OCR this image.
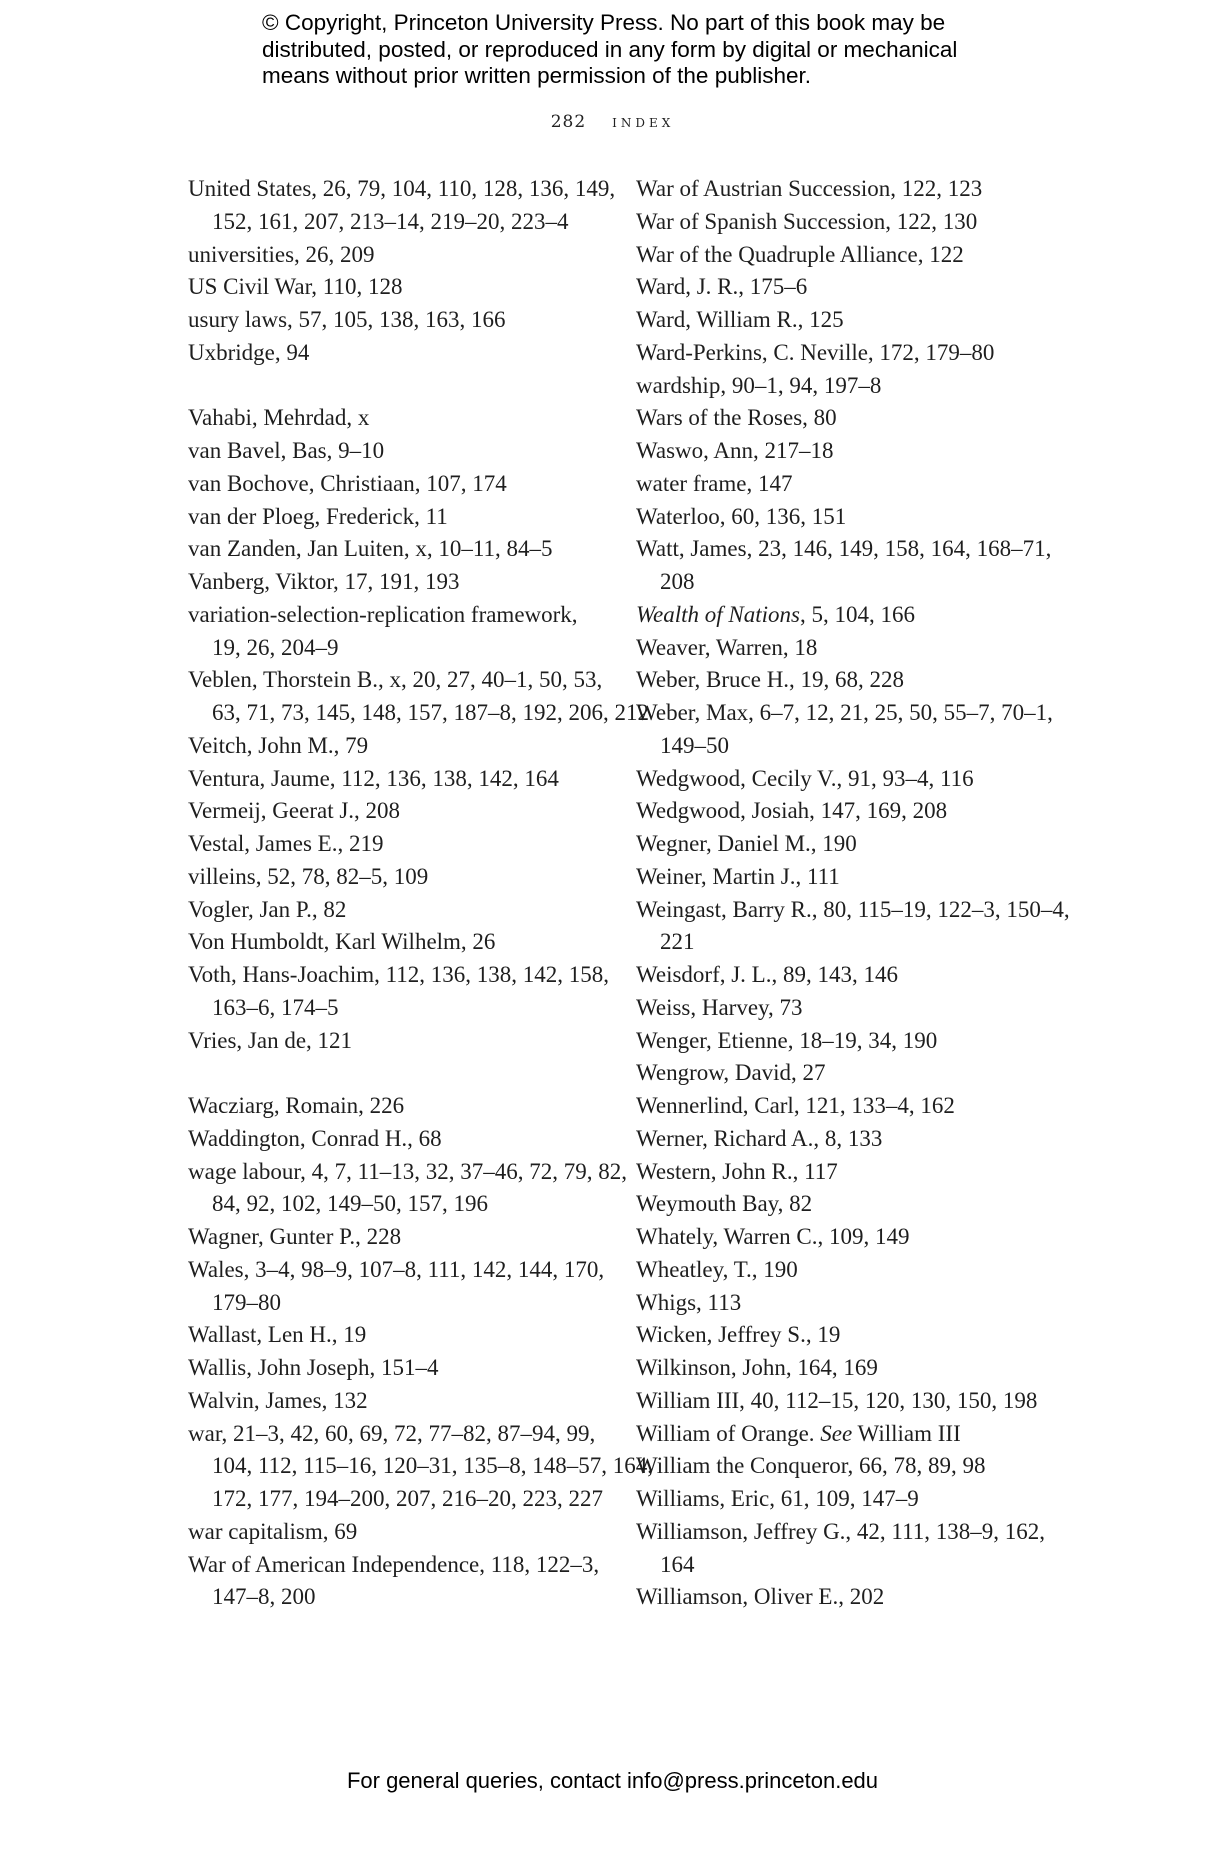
© Copyright, Princeton University Press. No part of this book may be
distributed, posted, or reproduced in any form by digital or mechanical
means without prior written permission of the publisher.
282 index
United States, 26, 79, 104, 110, 128, 136, 149,
152, 161, 207, 213–14, 219–20, 223–4
universities, 26, 209
US Civil War, 110, 128
usury laws, 57, 105, 138, 163, 166
Uxbridge, 94
Vahabi, Mehrdad, x
van Bavel, Bas, 9–10
van Bochove, Christiaan, 107, 174
van der Ploeg, Frederick, 11
van Zanden, Jan Luiten, x, 10–11, 84–5
Vanberg, Viktor, 17, 191, 193
variation-selection-replication framework,
19, 26, 204–9
Veblen, Thorstein B., x, 20, 27, 40–1, 50, 53,
63, 71, 73, 145, 148, 157, 187–8, 192, 206, 212
Veitch, John M., 79
Ventura, Jaume, 112, 136, 138, 142, 164
Vermeij, Geerat J., 208
Vestal, James E., 219
villeins, 52, 78, 82–5, 109
Vogler, Jan P., 82
Von Humboldt, Karl Wilhelm, 26
Voth, Hans-Joachim, 112, 136, 138, 142, 158,
163–6, 174–5
Vries, Jan de, 121
Wacziarg, Romain, 226
Waddington, Conrad H., 68
wage labour, 4, 7, 11–13, 32, 37–46, 72, 79, 82,
84, 92, 102, 149–50, 157, 196
Wagner, Gunter P., 228
Wales, 3–4, 98–9, 107–8, 111, 142, 144, 170,
179–80
Wallast, Len H., 19
Wallis, John Joseph, 151–4
Walvin, James, 132
war, 21–3, 42, 60, 69, 72, 77–82, 87–94, 99,
104, 112, 115–16, 120–31, 135–8, 148–57, 164,
172, 177, 194–200, 207, 216–20, 223, 227
war capitalism, 69
War of American Independence, 118, 122–3,
147–8, 200
War of Austrian Succession, 122, 123
War of Spanish Succession, 122, 130
War of the Quadruple Alliance, 122
Ward, J. R., 175–6
Ward, William R., 125
Ward-Perkins, C. Neville, 172, 179–80
wardship, 90–1, 94, 197–8
Wars of the Roses, 80
Waswo, Ann, 217–18
water frame, 147
Waterloo, 60, 136, 151
Watt, James, 23, 146, 149, 158, 164, 168–71,
208
Wealth of Nations, 5, 104, 166
Weaver, Warren, 18
Weber, Bruce H., 19, 68, 228
Weber, Max, 6–7, 12, 21, 25, 50, 55–7, 70–1,
149–50
Wedgwood, Cecily V., 91, 93–4, 116
Wedgwood, Josiah, 147, 169, 208
Wegner, Daniel M., 190
Weiner, Martin J., 111
Weingast, Barry R., 80, 115–19, 122–3, 150–4,
221
Weisdorf, J. L., 89, 143, 146
Weiss, Harvey, 73
Wenger, Etienne, 18–19, 34, 190
Wengrow, David, 27
Wennerlind, Carl, 121, 133–4, 162
Werner, Richard A., 8, 133
Western, John R., 117
Weymouth Bay, 82
Whately, Warren C., 109, 149
Wheatley, T., 190
Whigs, 113
Wicken, Jeffrey S., 19
Wilkinson, John, 164, 169
William III, 40, 112–15, 120, 130, 150, 198
William of Orange. See William III
William the Conqueror, 66, 78, 89, 98
Williams, Eric, 61, 109, 147–9
Williamson, Jeffrey G., 42, 111, 138–9, 162,
164
Williamson, Oliver E., 202
For general queries, contact info@press.princeton.edu
